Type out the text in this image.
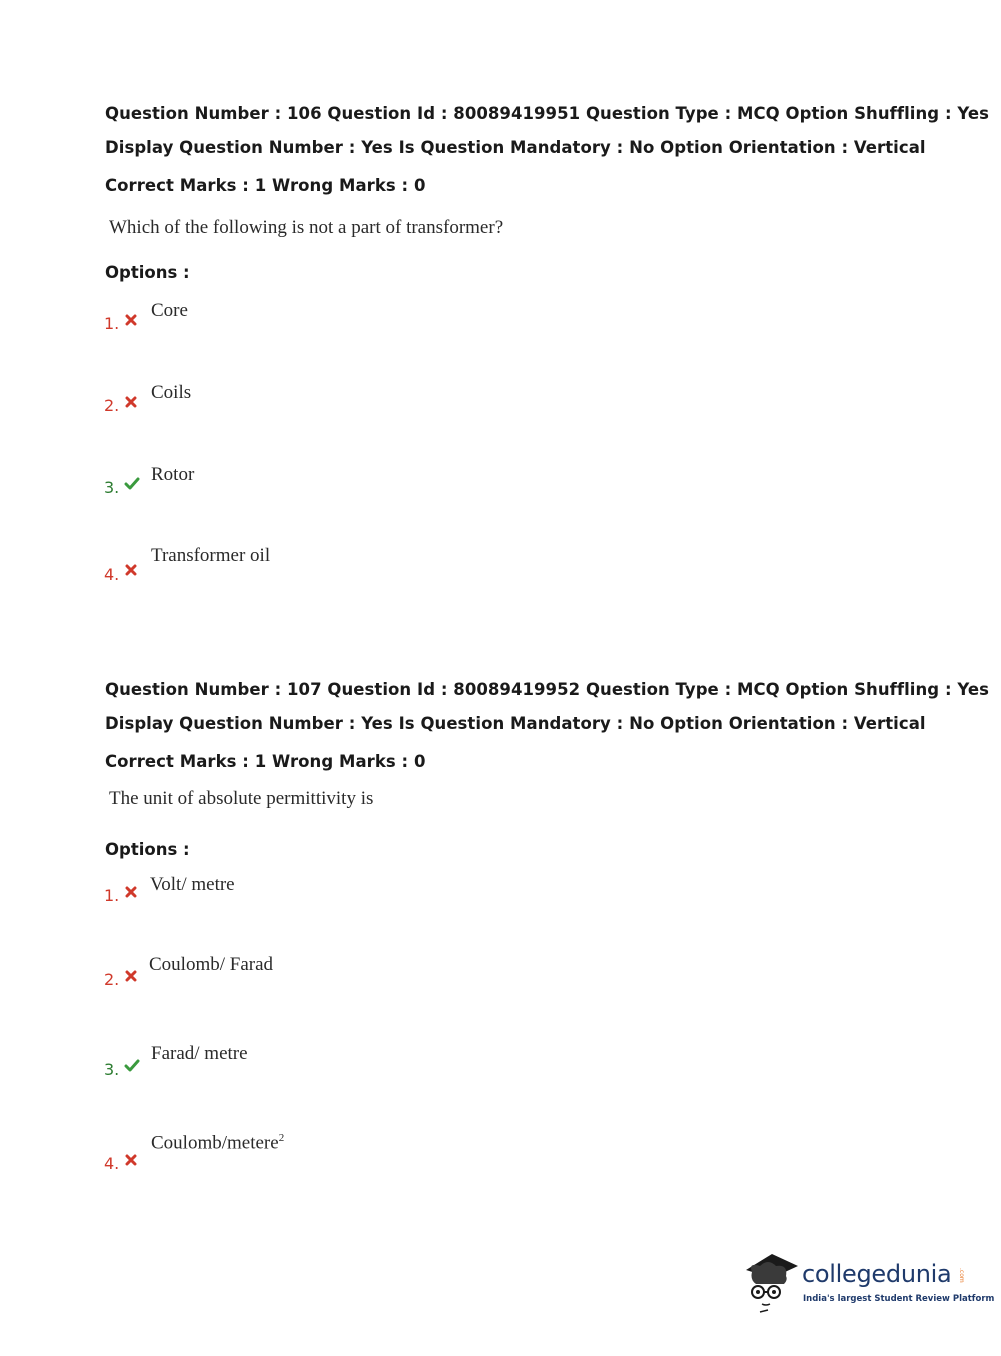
Question Number : 106 Question Id : 80089419951 Question Type : MCQ Option Shuffling : Yes
Display Question Number : Yes Is Question Mandatory : No Option Orientation : Vertical
Correct Marks : 1 Wrong Marks : 0
Which of the following is not a part of transformer?
Options :
1.
Core
2.
Coils
3.
Rotor
4.
Transformer oil
Question Number : 107 Question Id : 80089419952 Question Type : MCQ Option Shuffling : Yes
Display Question Number : Yes Is Question Mandatory : No Option Orientation : Vertical
Correct Marks : 1 Wrong Marks : 0
The unit of absolute permittivity is
Options :
1.
Volt/ metre
2.
Coulomb/ Farad
3.
Farad/ metre
4.
Coulomb/metere$^2$
collegedunia .com
India's largest Student Review Platform
